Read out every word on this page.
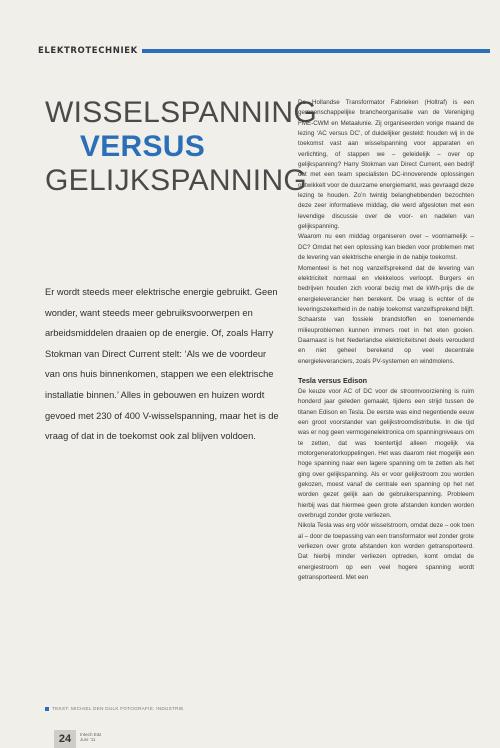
ELEKTROTECHNIEK
WISSELSPANNING
VERSUS
GELIJKSPANNING
Er wordt steeds meer elektrische energie gebruikt. Geen wonder, want steeds meer gebruiksvoorwerpen en arbeidsmiddelen draaien op de energie. Of, zoals Harry Stokman van Direct Current stelt: ‘Als we de voordeur van ons huis binnenkomen, stappen we een elektrische installatie binnen.’ Alles in gebouwen en huizen wordt gevoed met 230 of 400 V-wisselspanning, maar het is de vraag of dat in de toekomst ook zal blijven voldoen.

De Hollandse Transformator Fabrieken (Holtraf) is een gemeenschappelijke brancheorganisatie van de Vereniging FME-CWM en Metaalunie. Zij organiseerden vorige maand de lezing ‘AC versus DC’, of duidelijker gesteld: houden wij in de toekomst vast aan wisselspanning voor apparaten en verlichting, of stappen we – geleidelijk – over op gelijkspanning? Harry Stokman van Direct Current, een bedrijf dat met een team specialisten DC-innoverende oplossingen ontwikkelt voor de duurzame energiemarkt, was gevraagd deze lezing te houden. Zo’n twintig belanghebbenden bezochten deze zeer informatieve middag, die werd afgesloten met een levendige discussie over de voor- en nadelen van gelijkspanning.

Waarom nu een middag organiseren over – voornamelijk – DC? Omdat het een oplossing kan bieden voor problemen met de levering van elektrische energie in de nabije toekomst.

Momenteel is het nog vanzelfsprekend dat de levering van elektriciteit normaal en vlekkeloos verloopt. Burgers en bedrijven houden zich vooral bezig met de kWh-prijs die de energieleverancier hen berekent. De vraag is echter of de leveringszekerheid in de nabije toekomst vanzelfsprekend blijft. Schaarste van fossiele brandstoffen en toenemende milieuproblemen kunnen immers roet in het eten gooien. Daarnaast is het Nederlandse elektriciteitsnet deels verouderd en niet geheel berekend op veel decentrale energieleveranciers, zoals PV-systemen en windmolens.

Tesla versus Edison

De keuze voor AC of DC voor de stroomvoorziening is ruim honderd jaar geleden gemaakt, tijdens een strijd tussen de titanen Edison en Tesla. De eerste was eind negentiende eeuw een groot voorstander van gelijkstroomdistributie. In die tijd was er nog geen vermogenelektronica om spanningniveaus om te zetten, dat was toentertijd alleen mogelijk via motorgeneratorkoppelingen. Het was daarom niet mogelijk een hoge spanning naar een lagere spanning om te zetten als het ging over gelijkspanning. Als er voor gelijkstroom zou worden gekozen, moest vanaf de centrale een spanning op het net worden gezet gelijk aan de gebruikerspanning. Probleem hierbij was dat hiermee geen grote afstanden konden worden overbrugd zonder grote verliezen.

Nikola Tesla was erg vóór wisselstroom, omdat deze – ook toen al – door de toepassing van een transformator wel zonder grote verliezen over grote afstanden kon worden getransporteerd. Dat hierbij minder verliezen optreden, komt omdat de energiestroom op een veel hogere spanning wordt getransporteerd. Met een

TEKST: MICHIEL DEN DULK FOTOGRAFIE: INDUSTRIE
24	Intech E&I
Juni ’11
